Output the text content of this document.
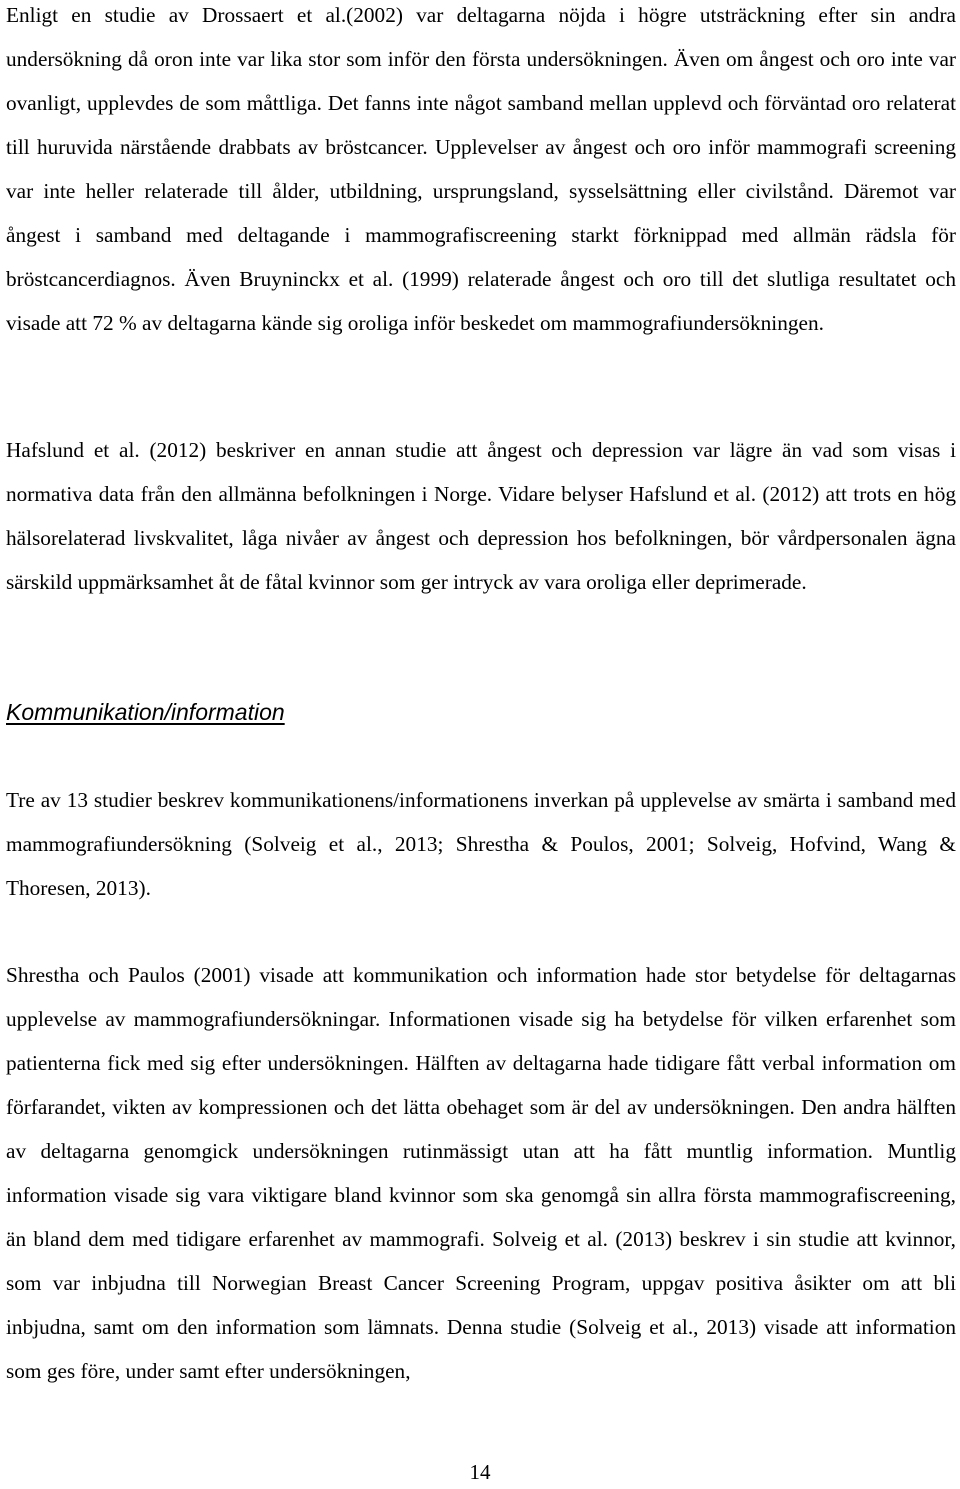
Enligt en studie av Drossaert et al.(2002) var deltagarna nöjda i högre utsträckning efter sin andra undersökning då oron inte var lika stor som inför den första undersökningen. Även om ångest och oro inte var ovanligt, upplevdes de som måttliga. Det fanns inte något samband mellan upplevd och förväntad oro relaterat till huruvida närstående drabbats av bröstcancer. Upplevelser av ångest och oro inför mammografi screening var inte heller relaterade till ålder, utbildning, ursprungsland, sysselsättning eller civilstånd. Däremot var ångest i samband med deltagande i mammografiscreening starkt förknippad med allmän rädsla för bröstcancerdiagnos. Även Bruyninckx et al. (1999) relaterade ångest och oro till det slutliga resultatet och visade att 72 % av deltagarna kände sig oroliga inför beskedet om mammografiundersökningen.

Hafslund et al. (2012) beskriver en annan studie att ångest och depression var lägre än vad som visas i normativa data från den allmänna befolkningen i Norge. Vidare belyser Hafslund et al. (2012) att trots en hög hälsorelaterad livskvalitet, låga nivåer av ångest och depression hos befolkningen, bör vårdpersonalen ägna särskild uppmärksamhet åt de fåtal kvinnor som ger intryck av vara oroliga eller deprimerade.

Kommunikation/information

Tre av 13 studier beskrev kommunikationens/informationens inverkan på upplevelse av smärta i samband med mammografiundersökning (Solveig et al., 2013; Shrestha & Poulos, 2001; Solveig, Hofvind, Wang & Thoresen, 2013).

Shrestha och Paulos (2001) visade att kommunikation och information hade stor betydelse för deltagarnas upplevelse av mammografiundersökningar. Informationen visade sig ha betydelse för vilken erfarenhet som patienterna fick med sig efter undersökningen. Hälften av deltagarna hade tidigare fått verbal information om förfarandet, vikten av kompressionen och det lätta obehaget som är del av undersökningen. Den andra hälften av deltagarna genomgick undersökningen rutinmässigt utan att ha fått muntlig information. Muntlig information visade sig vara viktigare bland kvinnor som ska genomgå sin allra första mammografiscreening, än bland dem med tidigare erfarenhet av mammografi. Solveig et al. (2013) beskrev i sin studie att kvinnor, som var inbjudna till Norwegian Breast Cancer Screening Program, uppgav positiva åsikter om att bli inbjudna, samt om den information som lämnats. Denna studie (Solveig et al., 2013) visade att information som ges före, under samt efter undersökningen,

14
